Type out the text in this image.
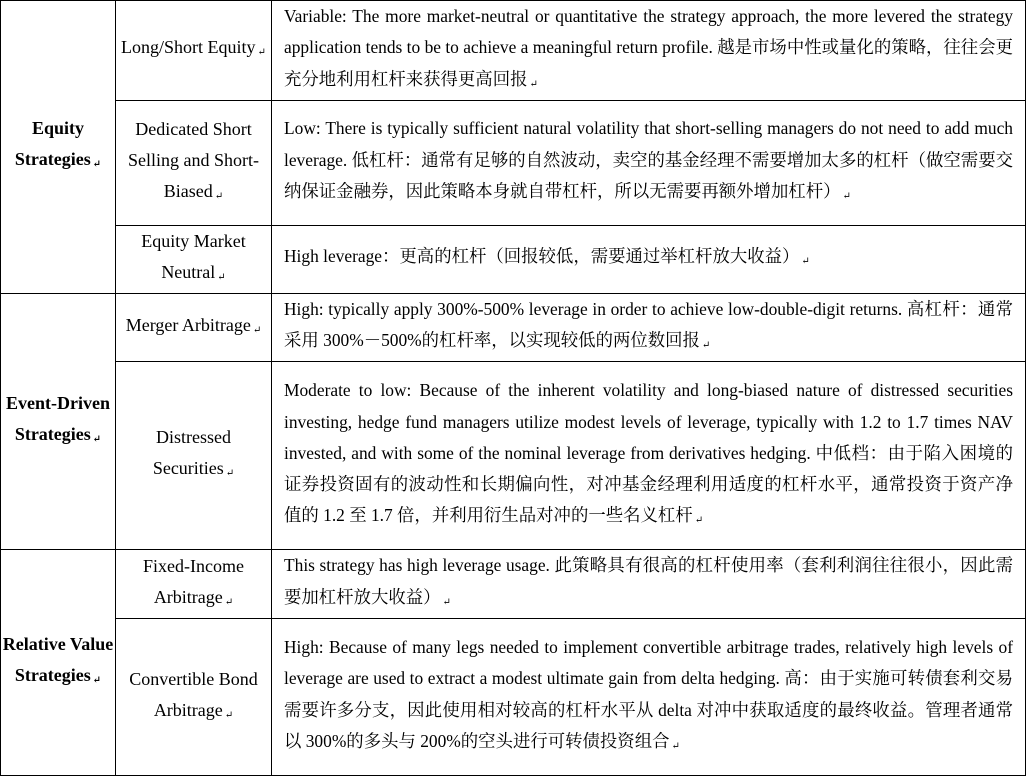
Equity Strategies ↵	Long/Short Equity ↵	Variable: The more market-neutral or quantitative the strategy approach, the more levered the strategy application tends to be to achieve a meaningful return profile. 越是市场中性或量化的策略，往往会更充分地利用杠杆来获得更高回报 ↵
	Dedicated Short Selling and Short-Biased ↵	Low: There is typically sufficient natural volatility that short-selling managers do not need to add much leverage. 低杠杆：通常有足够的自然波动，卖空的基金经理不需要增加太多的杠杆（做空需要交纳保证金融券，因此策略本身就自带杠杆，所以无需要再额外增加杠杆） ↵
	Equity Market Neutral ↵	High leverage：更高的杠杆（回报较低，需要通过举杠杆放大收益） ↵
Event-Driven Strategies ↵	Merger Arbitrage ↵	High: typically apply 300%-500% leverage in order to achieve low-double-digit returns. 高杠杆：通常采用 300%－500%的杠杆率，以实现较低的两位数回报 ↵
	Distressed Securities ↵	Moderate to low: Because of the inherent volatility and long-biased nature of distressed securities investing, hedge fund managers utilize modest levels of leverage, typically with 1.2 to 1.7 times NAV invested, and with some of the nominal leverage from derivatives hedging. 中低档：由于陷入困境的证券投资固有的波动性和长期偏向性，对冲基金经理利用适度的杠杆水平，通常投资于资产净值的 1.2 至 1.7 倍，并利用衍生品对冲的一些名义杠杆 ↵
Relative Value Strategies ↵	Fixed-Income Arbitrage ↵	This strategy has high leverage usage. 此策略具有很高的杠杆使用率（套利利润往往很小，因此需要加杠杆放大收益） ↵
	Convertible Bond Arbitrage ↵	High: Because of many legs needed to implement convertible arbitrage trades, relatively high levels of leverage are used to extract a modest ultimate gain from delta hedging. 高：由于实施可转债套利交易需要许多分支，因此使用相对较高的杠杆水平从 delta 对冲中获取适度的最终收益。管理者通常以 300%的多头与 200%的空头进行可转债投资组合 ↵
